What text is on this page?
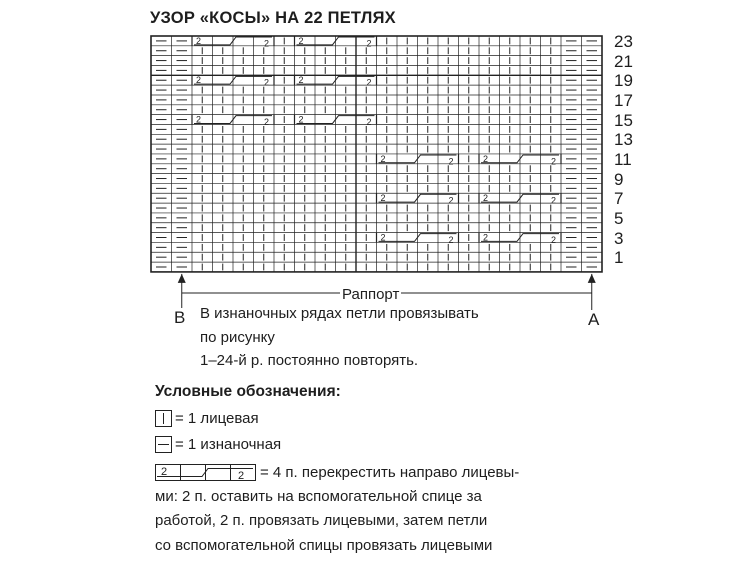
УЗОР «КОСЫ» НА 22 ПЕТЛЯХ
2	2	2	2
2	2	2	2
2	2	2	2
2	2	2	2
2	2	2	2
2	2	2	2
23
21
19
17
15
13
11
9
7
5
3
1
Раппорт
B	A
В изнаночных рядах петли провязывать
по рисунку
1–24-й р. постоянно повторять.
Условные обозначения:
= 1 лицевая
= 1 изнаночная
2	2 = 4 п. перекрестить направо лицевы-
ми: 2 п. оставить на вспомогательной спице за
работой, 2 п. провязать лицевыми, затем петли
со вспомогательной спицы провязать лицевыми
